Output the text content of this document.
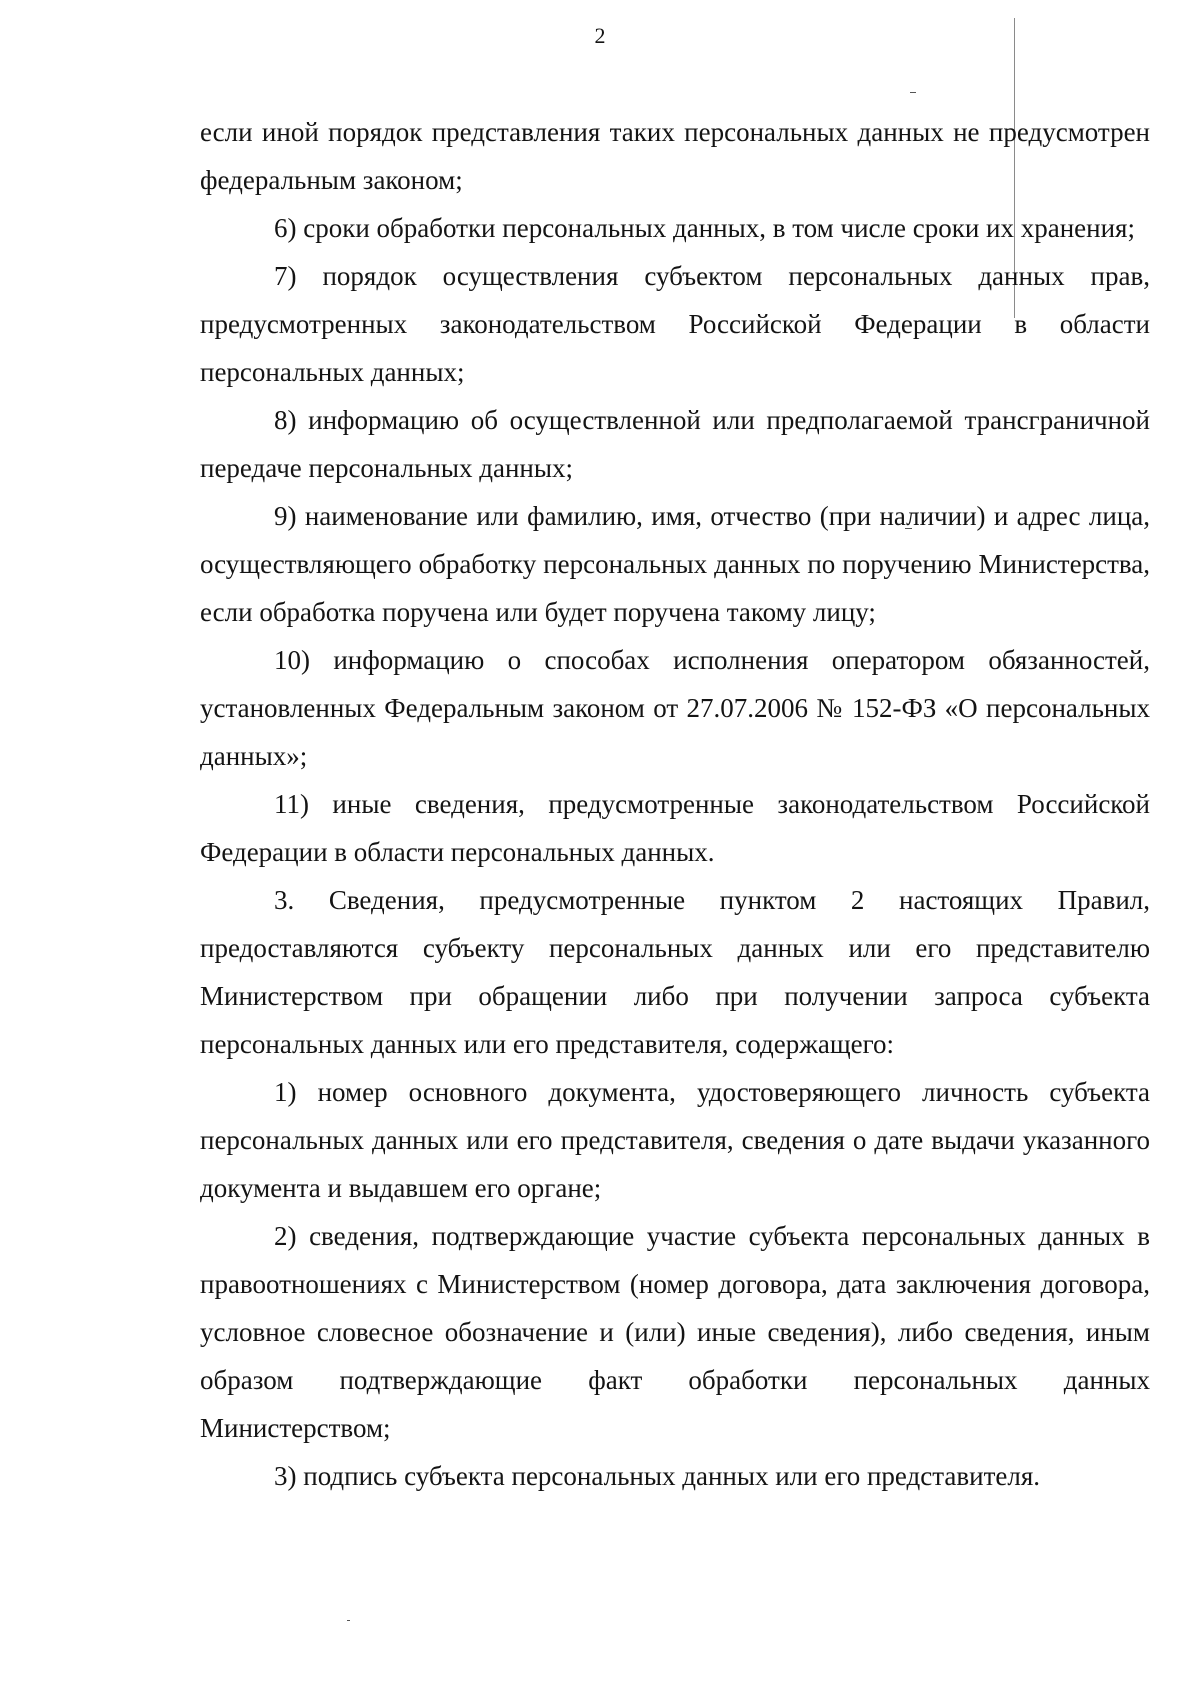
2

если иной порядок представления таких персональных данных не предусмотрен федеральным законом;

6) сроки обработки персональных данных, в том числе сроки их хранения;

7) порядок осуществления субъектом персональных данных прав, предусмотренных законодательством Российской Федерации в области персональных данных;

8) информацию об осуществленной или предполагаемой трансграничной передаче персональных данных;

9) наименование или фамилию, имя, отчество (при наличии) и адрес лица, осуществляющего обработку персональных данных по поручению Министерства, если обработка поручена или будет поручена такому лицу;

10) информацию о способах исполнения оператором обязанностей, установленных Федеральным законом от 27.07.2006 № 152-ФЗ «О персональных данных»;

11) иные сведения, предусмотренные законодательством Российской Федерации в области персональных данных.

3. Сведения, предусмотренные пунктом 2 настоящих Правил, предоставляются субъекту персональных данных или его представителю Министерством при обращении либо при получении запроса субъекта персональных данных или его представителя, содержащего:

1) номер основного документа, удостоверяющего личность субъекта персональных данных или его представителя, сведения о дате выдачи указанного документа и выдавшем его органе;

2) сведения, подтверждающие участие субъекта персональных данных в правоотношениях с Министерством (номер договора, дата заключения договора, условное словесное обозначение и (или) иные сведения), либо сведения, иным образом подтверждающие факт обработки персональных данных Министерством;

3) подпись субъекта персональных данных или его представителя.
